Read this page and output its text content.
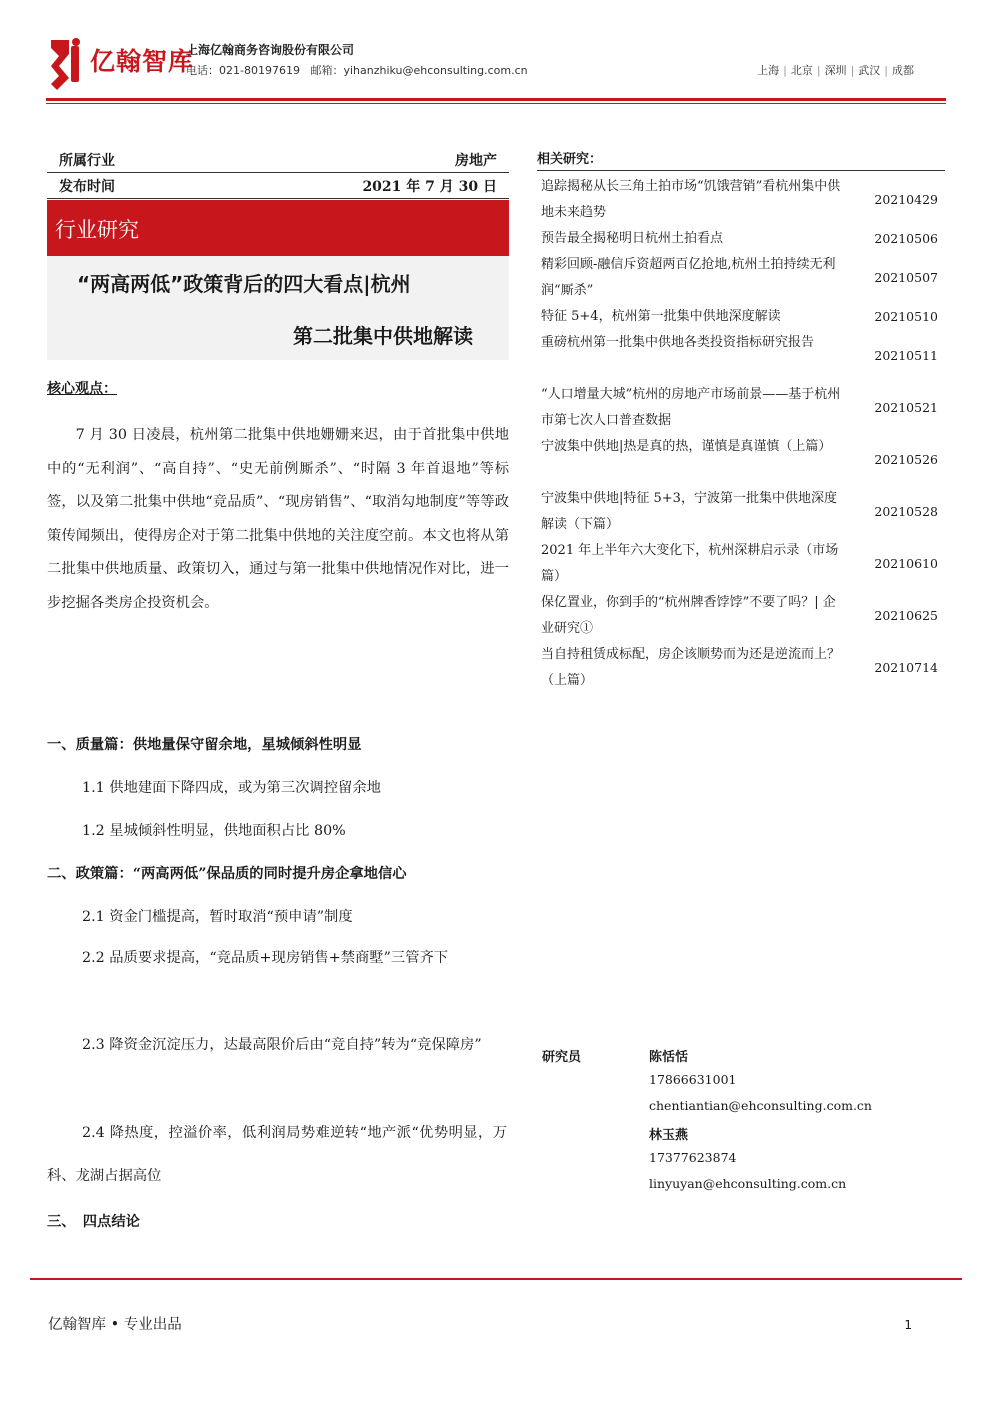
亿翰智库
上海亿翰商务咨询股份有限公司
电话：021-80197619 邮箱：yihanzhiku@ehconsulting.com.cn	上海 | 北京 | 深圳 | 武汉 | 成都
所属行业	房地产
发布时间	2021 年 7 月 30 日
行业研究
“两高两低”政策背后的四大看点|杭州
第二批集中供地解读
核心观点：

7 月 30 日凌晨，杭州第二批集中供地姗姗来迟，由于首批集中供地中的“无利润”、“高自持”、“史无前例厮杀”、“时隔 3 年首退地”等标签，以及第二批集中供地“竞品质”、“现房销售”、“取消勾地制度”等等政策传闻频出，使得房企对于第二批集中供地的关注度空前。本文也将从第二批集中供地质量、政策切入，通过与第一批集中供地情况作对比，进一步挖掘各类房企投资机会。

一、质量篇：供地量保守留余地，星城倾斜性明显
1.1 供地建面下降四成，或为第三次调控留余地
1.2 星城倾斜性明显，供地面积占比 80%
二、政策篇：“两高两低”保品质的同时提升房企拿地信心
2.1 资金门槛提高，暂时取消“预申请”制度
2.2 品质要求提高，“竞品质+现房销售+禁商墅”三管齐下
2.3 降资金沉淀压力，达最高限价后由“竞自持”转为“竞保障房”
2.4 降热度，控溢价率，低利润局势难逆转“地产派“优势明显，万科、龙湖占据高位
三、　四点结论
相关研究：
追踪揭秘从长三角土拍市场“饥饿营销”看杭州集中供地未来趋势
20210429
预告最全揭秘明日杭州土拍看点	20210506
精彩回顾-融信斥资超两百亿抢地,杭州土拍持续无利润“厮杀”
20210507
特征 5+4，杭州第一批集中供地深度解读	20210510
重磅杭州第一批集中供地各类投资指标研究报告
20210511
“人口增量大城”杭州的房地产市场前景——基于杭州市第七次人口普查数据
20210521
宁波集中供地|热是真的热，谨慎是真谨慎（上篇）
20210526
宁波集中供地|特征 5+3，宁波第一批集中供地深度解读（下篇）
20210528
2021 年上半年六大变化下，杭州深耕启示录（市场篇）
20210610
保亿置业，你到手的“杭州牌香饽饽”不要了吗？| 企业研究①
20210625
当自持租赁成标配，房企该顺势而为还是逆流而上？（上篇）
20210714
研究员	陈恬恬
17866631001
chentiantian@ehconsulting.com.cn
林玉燕
17377623874
linyuyan@ehconsulting.com.cn
亿翰智库 • 专业出品	1
